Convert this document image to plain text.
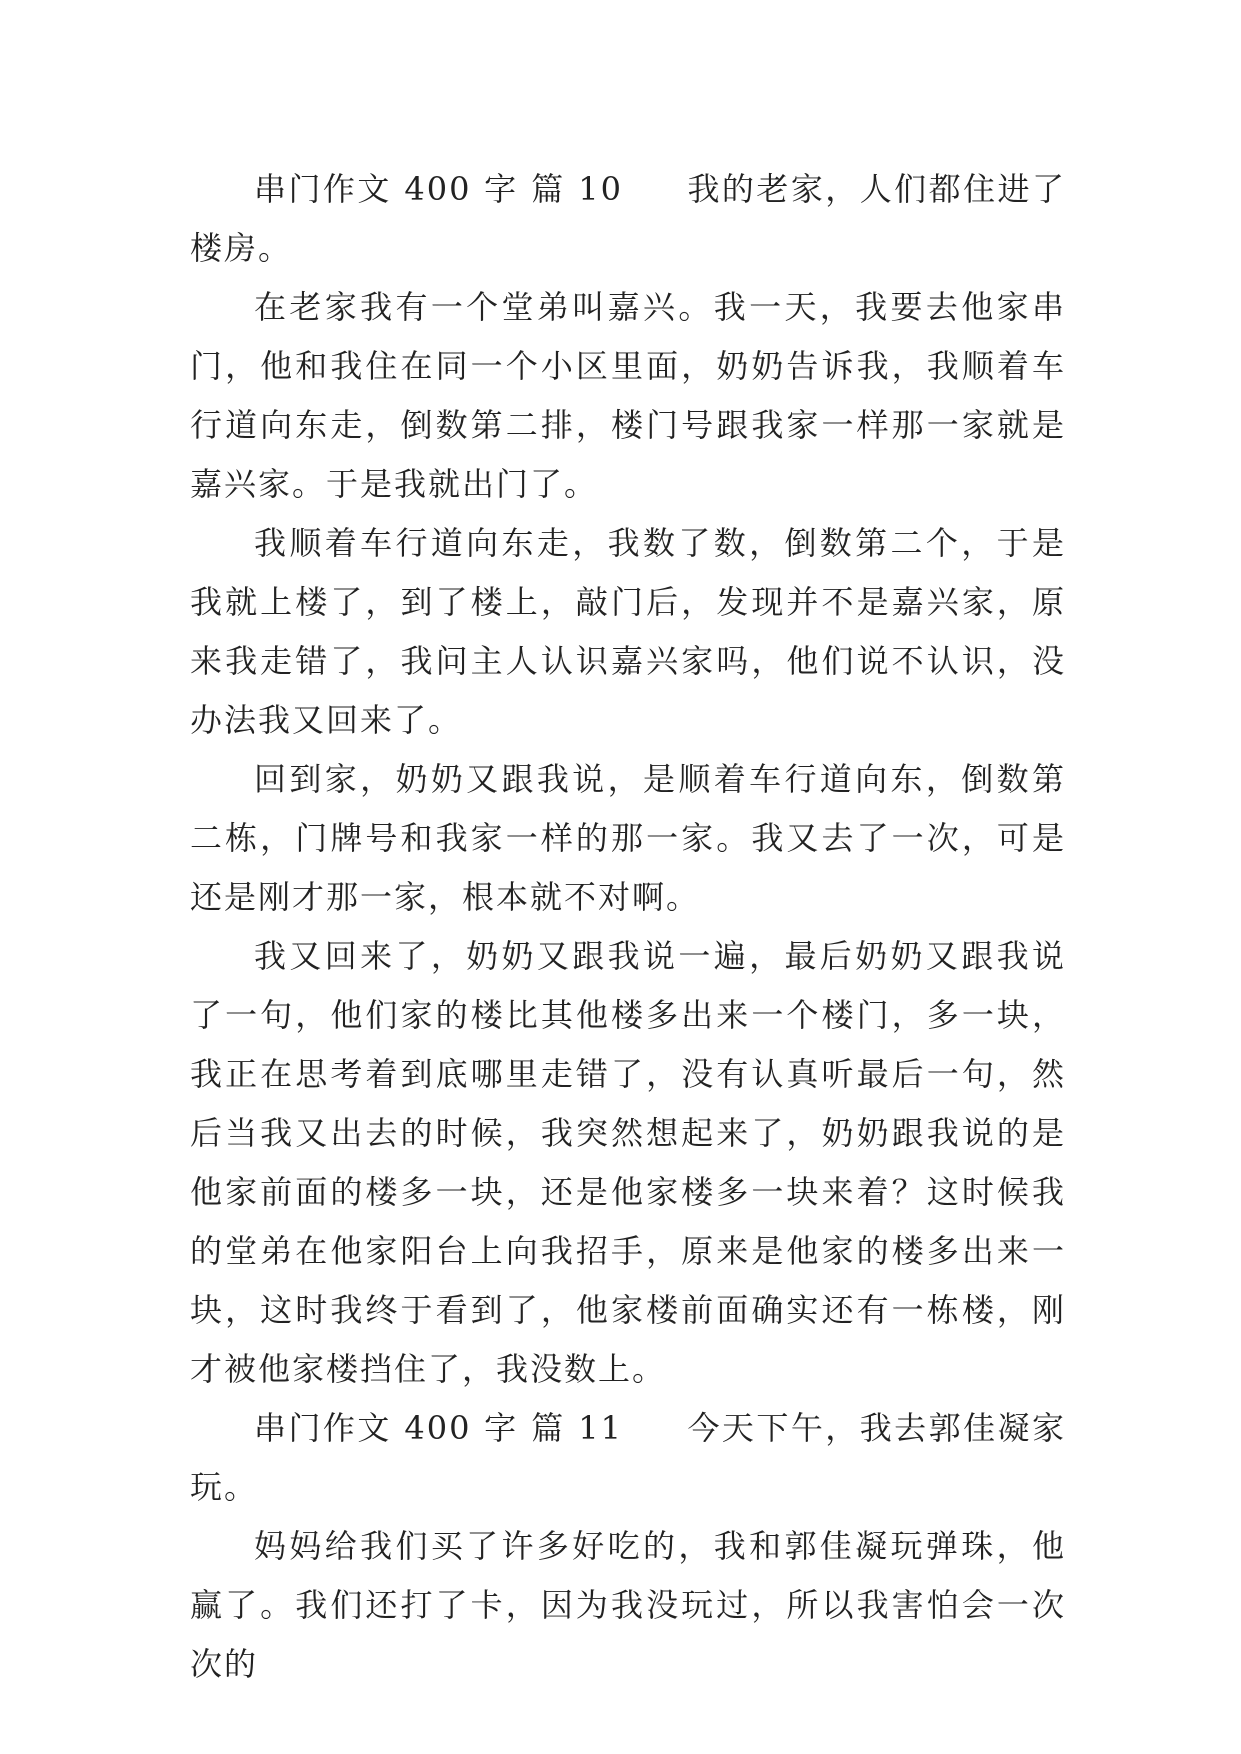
串门作文 400 字 篇 10 我的老家，人们都住进了楼房。

在老家我有一个堂弟叫嘉兴。我一天，我要去他家串门，他和我住在同一个小区里面，奶奶告诉我，我顺着车行道向东走，倒数第二排，楼门号跟我家一样那一家就是嘉兴家。于是我就出门了。

我顺着车行道向东走，我数了数，倒数第二个，于是我就上楼了，到了楼上，敲门后，发现并不是嘉兴家，原来我走错了，我问主人认识嘉兴家吗，他们说不认识，没办法我又回来了。

回到家，奶奶又跟我说，是顺着车行道向东，倒数第二栋，门牌号和我家一样的那一家。我又去了一次，可是还是刚才那一家，根本就不对啊。

我又回来了，奶奶又跟我说一遍，最后奶奶又跟我说了一句，他们家的楼比其他楼多出来一个楼门，多一块，我正在思考着到底哪里走错了，没有认真听最后一句，然后当我又出去的时候，我突然想起来了，奶奶跟我说的是他家前面的楼多一块，还是他家楼多一块来着？这时候我的堂弟在他家阳台上向我招手，原来是他家的楼多出来一块，这时我终于看到了，他家楼前面确实还有一栋楼，刚才被他家楼挡住了，我没数上。

串门作文 400 字 篇 11 今天下午，我去郭佳凝家玩。

妈妈给我们买了许多好吃的，我和郭佳凝玩弹珠，他赢了。我们还打了卡，因为我没玩过，所以我害怕会一次次的
